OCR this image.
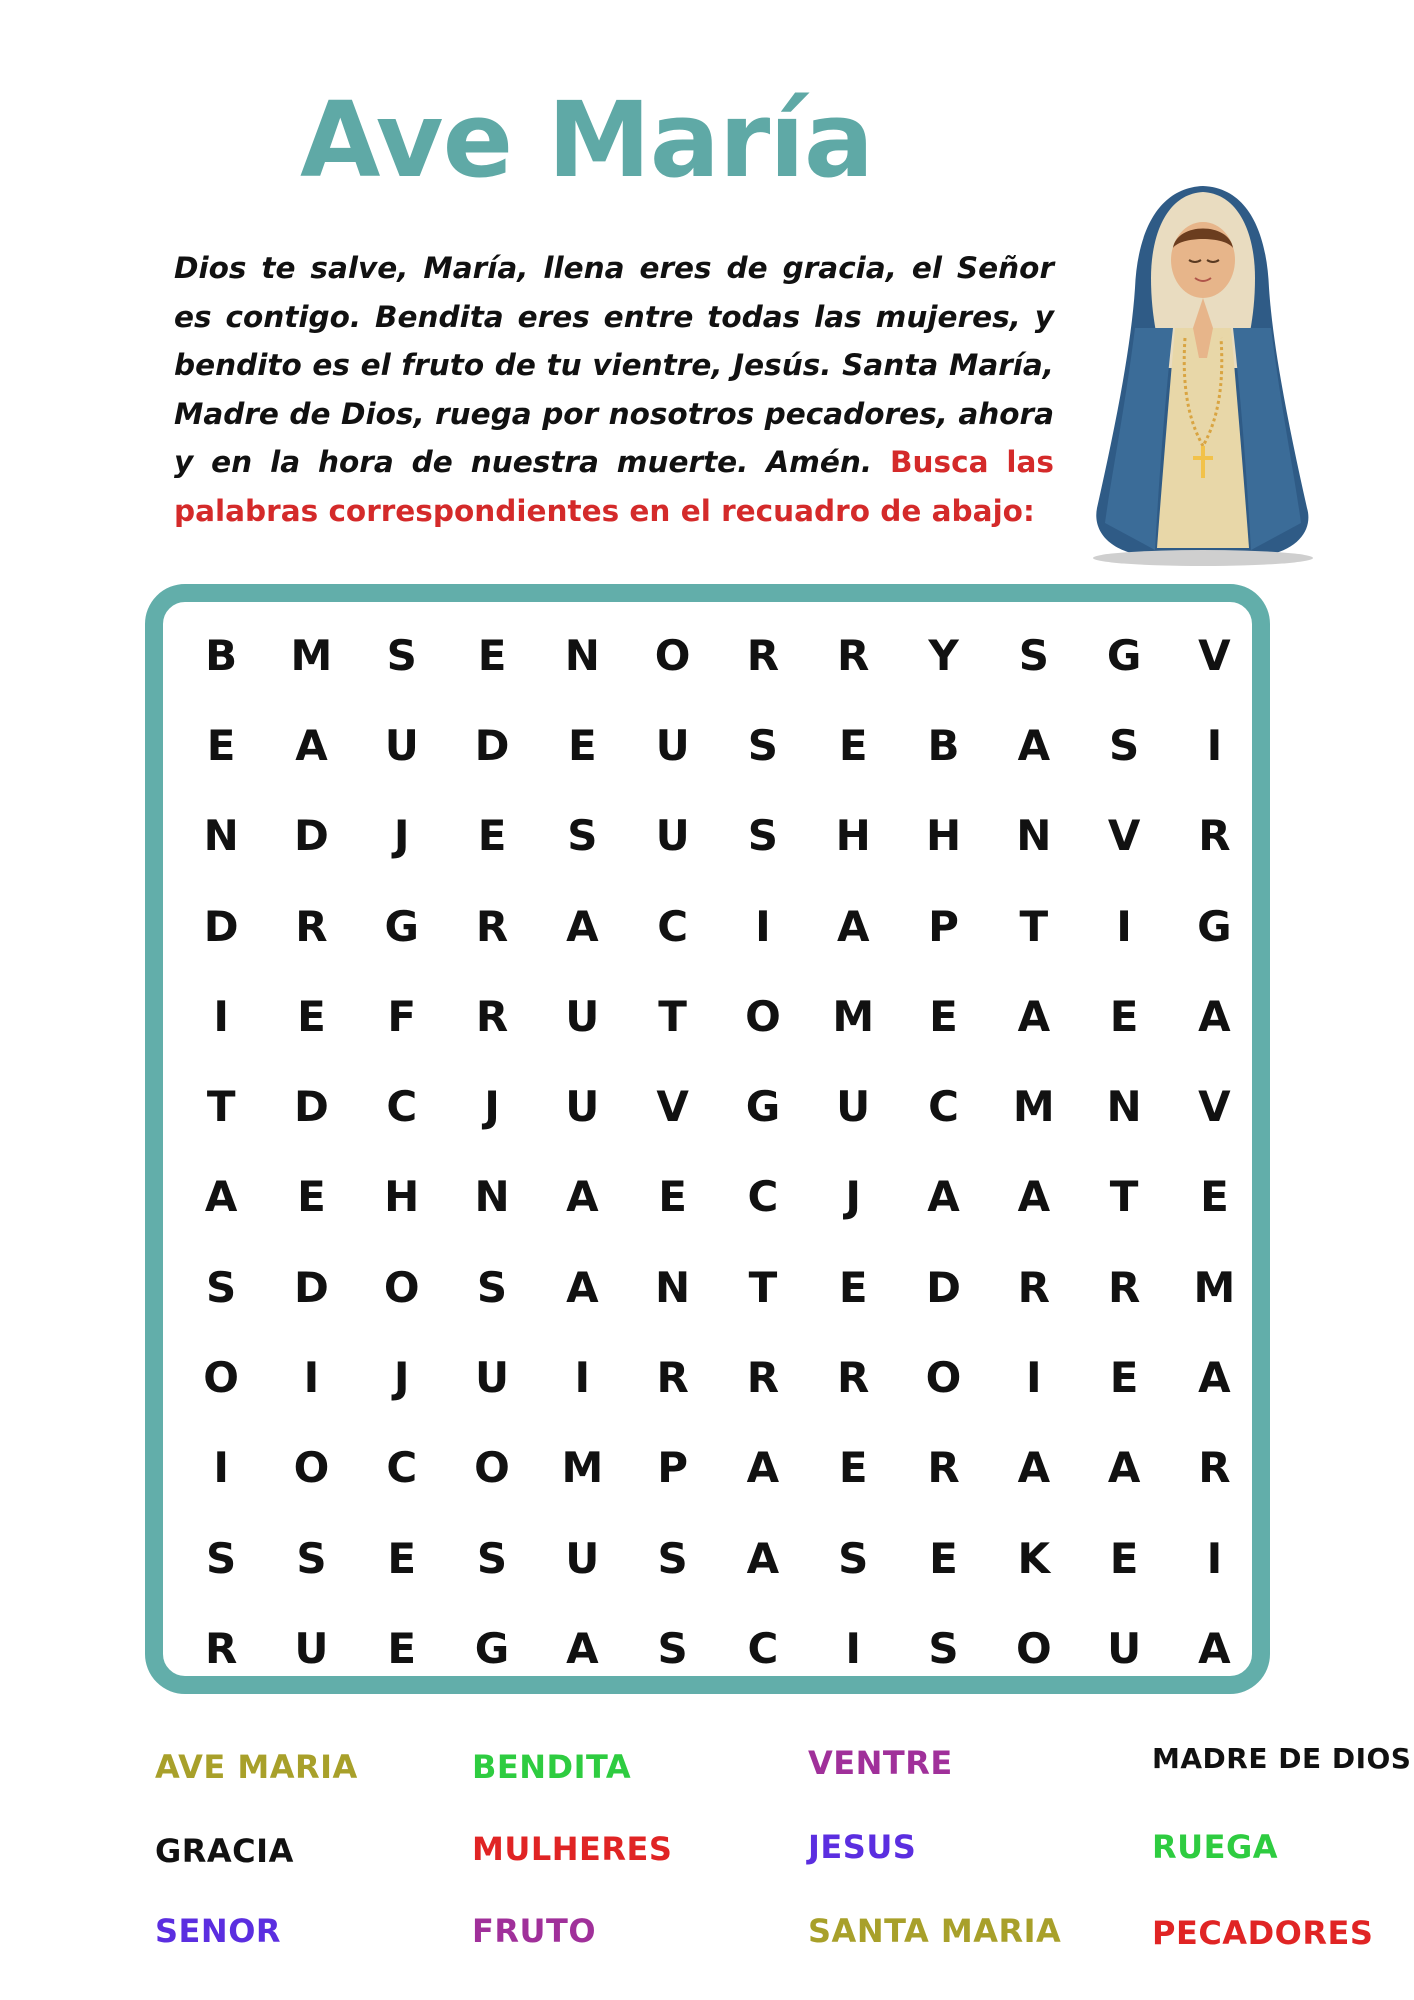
Ave María

Dios te salve, María, llena eres de gracia, el Señor es contigo. Bendita eres entre todas las mujeres, y bendito es el fruto de tu vientre, Jesús. Santa María, Madre de Dios, ruega por nosotros pecadores, ahora y en la hora de nuestra muerte. Amén. Busca las palabras correspondientes en el recuadro de abajo:

B	M	S	E	N	O	R	R	Y	S	G	V
E	A	U	D	E	U	S	E	B	A	S	I
N	D	J	E	S	U	S	H	H	N	V	R
D	R	G	R	A	C	I	A	P	T	I	G
I	E	F	R	U	T	O	M	E	A	E	A
T	D	C	J	U	V	G	U	C	M	N	V
A	E	H	N	A	E	C	J	A	A	T	E
S	D	O	S	A	N	T	E	D	R	R	M
O	I	J	U	I	R	R	R	O	I	E	A
I	O	C	O	M	P	A	E	R	A	A	R
S	S	E	S	U	S	A	S	E	K	E	I
R	U	E	G	A	S	C	I	S	O	U	A
AVE MARIA	BENDITA	VENTRE	MADRE DE DIOS
GRACIA	MULHERES	JESUS	RUEGA
SENOR	FRUTO	SANTA MARIA	PECADORES
